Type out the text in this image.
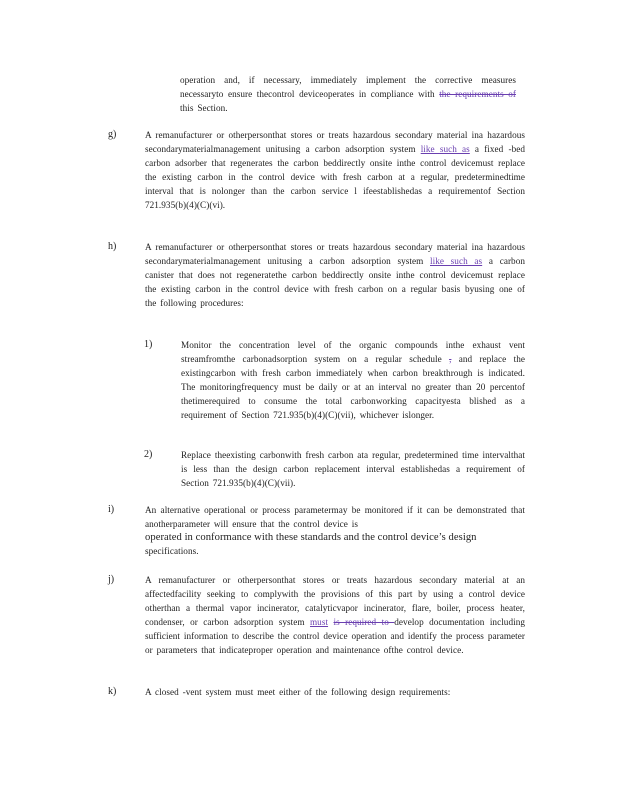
operation and, if necessary, immediately implement the corrective measures necessaryto ensure thecontrol deviceoperates in compliance with the requirements of this Section.
g)	A remanufacturer or otherpersonthat stores or treats hazardous secondary material ina hazardous secondarymaterialmanagement unitusing a carbon adsorption system like such as a fixed -bed carbon adsorber that regenerates the carbon beddirectly onsite inthe control devicemust replace the existing carbon in the control device with fresh carbon at a regular, predeterminedtime interval that is nolonger than the carbon service l ifeestablishedas a requirementof Section 721.935(b)(4)(C)(vi).
h)	A remanufacturer or otherpersonthat stores or treats hazardous secondary material ina hazardous secondarymaterialmanagement unitusing a carbon adsorption system like such as a carbon canister that does not regeneratethe carbon beddirectly onsite inthe control devicemust replace the existing carbon in the control device with fresh carbon on a regular basis byusing one of the following procedures:
1)	Monitor the concentration level of the organic compounds inthe exhaust vent streamfromthe carbonadsorption system on a regular schedule , and replace the existingcarbon with fresh carbon immediately when carbon breakthrough is indicated. The monitoringfrequency must be daily or at an interval no greater than 20 percentof thetimerequired to consume the total carbonworking capacityesta blished as a requirement of Section 721.935(b)(4)(C)(vii), whichever islonger.
2)	Replace theexisting carbonwith fresh carbon ata regular, predetermined time intervalthat is less than the design carbon replacement interval establishedas a requirement of Section 721.935(b)(4)(C)(vii).
i)	An alternative operational or process parametermay be monitored if it can be demonstrated that anotherparameter will ensure that the control device is
operated in conformance with these standards and the control device’s design
specifications.
j)	A remanufacturer or otherpersonthat stores or treats hazardous secondary material at an affectedfacility seeking to complywith the provisions of this part by using a control device otherthan a thermal vapor incinerator, catalyticvapor incinerator, flare, boiler, process heater, condenser, or carbon adsorption system must is required to develop documentation including sufficient information to describe the control device operation and identify the process parameter or parameters that indicateproper operation and maintenance ofthe control device.
k)	A closed -vent system must meet either of the following design requirements:
